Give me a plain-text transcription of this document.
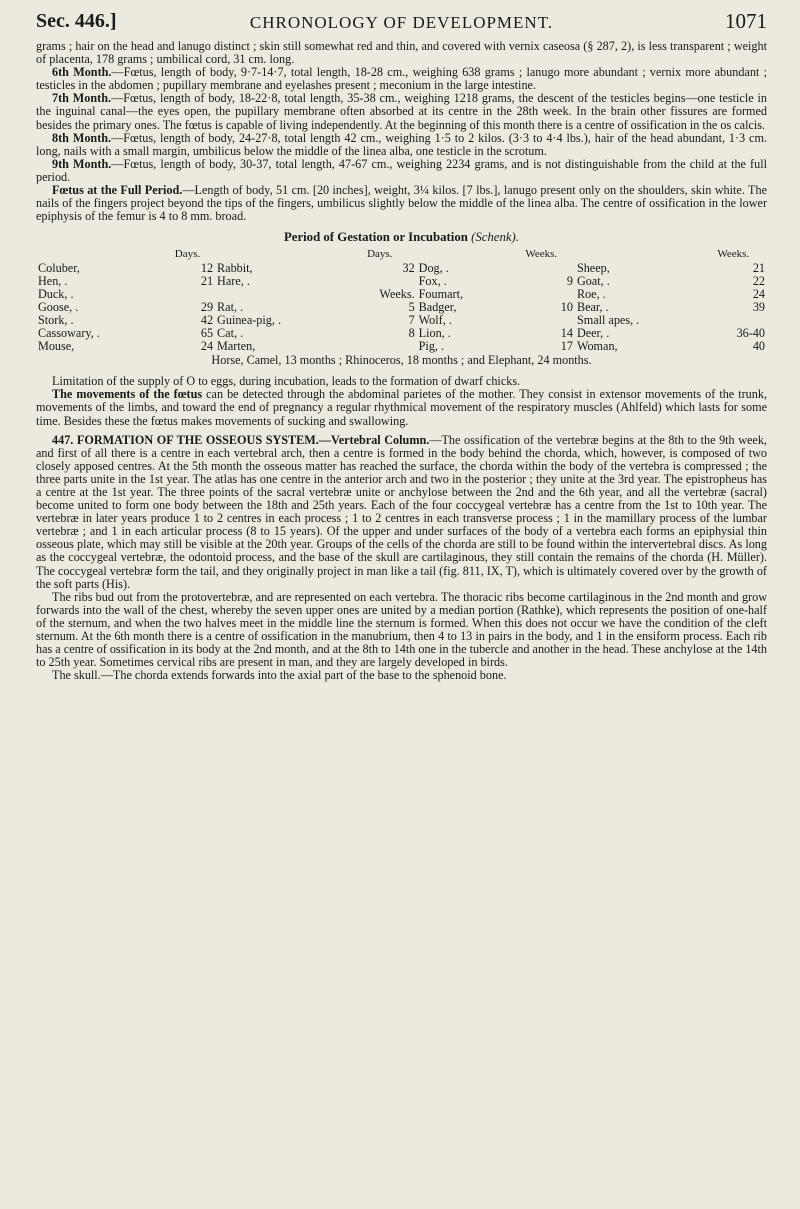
Sec. 446.]	CHRONOLOGY OF DEVELOPMENT.	1071

grams ; hair on the head and lanugo distinct ; skin still somewhat red and thin, and covered with vernix caseosa (§ 287, 2), is less transparent ; weight of placenta, 178 grams ; umbilical cord, 31 cm. long.

6th Month.—Fœtus, length of body, 9·7-14·7, total length, 18-28 cm., weighing 638 grams ; lanugo more abundant ; vernix more abundant ; testicles in the abdomen ; pupillary membrane and eyelashes present ; meconium in the large intestine.

7th Month.—Fœtus, length of body, 18-22·8, total length, 35-38 cm., weighing 1218 grams, the descent of the testicles begins—one testicle in the inguinal canal—the eyes open, the pupillary membrane often absorbed at its centre in the 28th week. In the brain other fissures are formed besides the primary ones. The fœtus is capable of living independently. At the beginning of this month there is a centre of ossification in the os calcis.

8th Month.—Fœtus, length of body, 24-27·8, total length 42 cm., weighing 1·5 to 2 kilos. (3·3 to 4·4 lbs.), hair of the head abundant, 1·3 cm. long, nails with a small margin, umbilicus below the middle of the linea alba, one testicle in the scrotum.

9th Month.—Fœtus, length of body, 30-37, total length, 47-67 cm., weighing 2234 grams, and is not distinguishable from the child at the full period.

Fœtus at the Full Period.—Length of body, 51 cm. [20 inches], weight, 3¼ kilos. [7 lbs.], lanugo present only on the shoulders, skin white. The nails of the fingers project beyond the tips of the fingers, umbilicus slightly below the middle of the linea alba. The centre of ossification in the lower epiphysis of the femur is 4 to 8 mm. broad.

Period of Gestation or Incubation (Schenk).
	Days.		Days.		Weeks.		Weeks.
Coluber,	12	Rabbit,	32	Dog, .		Sheep,	21
Hen, .	21	Hare, .		Fox, .	9	Goat, .	22
Duck, .			Weeks.	Foumart,		Roe, .	24
Goose, .	29	Rat, .	5	Badger,	10	Bear, .	39
Stork, .	42	Guinea-pig, .	7	Wolf, .		Small apes, .	
Cassowary, .	65	Cat, .	8	Lion, .	14	Deer, .	36-40
Mouse,	24	Marten,		Pig, .	17	Woman,	40
Horse, Camel, 13 months ; Rhinoceros, 18 months ; and Elephant, 24 months.

Limitation of the supply of O to eggs, during incubation, leads to the formation of dwarf chicks.

The movements of the fœtus can be detected through the abdominal parietes of the mother. They consist in extensor movements of the trunk, movements of the limbs, and toward the end of pregnancy a regular rhythmical movement of the respiratory muscles (Ahlfeld) which lasts for some time. Besides these the fœtus makes movements of sucking and swallowing.

447. FORMATION OF THE OSSEOUS SYSTEM.—Vertebral Column.—The ossification of the vertebræ begins at the 8th to the 9th week, and first of all there is a centre in each vertebral arch, then a centre is formed in the body behind the chorda, which, however, is composed of two closely apposed centres. At the 5th month the osseous matter has reached the surface, the chorda within the body of the vertebra is compressed ; the three parts unite in the 1st year. The atlas has one centre in the anterior arch and two in the posterior ; they unite at the 3rd year. The epistropheus has a centre at the 1st year. The three points of the sacral vertebræ unite or anchylose between the 2nd and the 6th year, and all the vertebræ (sacral) become united to form one body between the 18th and 25th years. Each of the four coccygeal vertebræ has a centre from the 1st to 10th year. The vertebræ in later years produce 1 to 2 centres in each process ; 1 to 2 centres in each transverse process ; 1 in the mamillary process of the lumbar vertebræ ; and 1 in each articular process (8 to 15 years). Of the upper and under surfaces of the body of a vertebra each forms an epiphysial thin osseous plate, which may still be visible at the 20th year. Groups of the cells of the chorda are still to be found within the intervertebral discs. As long as the coccygeal vertebræ, the odontoid process, and the base of the skull are cartilaginous, they still contain the remains of the chorda (H. Müller). The coccygeal vertebræ form the tail, and they originally project in man like a tail (fig. 811, IX, T), which is ultimately covered over by the growth of the soft parts (His).

The ribs bud out from the protovertebræ, and are represented on each vertebra. The thoracic ribs become cartilaginous in the 2nd month and grow forwards into the wall of the chest, whereby the seven upper ones are united by a median portion (Rathke), which represents the position of one-half of the sternum, and when the two halves meet in the middle line the sternum is formed. When this does not occur we have the condition of the cleft sternum. At the 6th month there is a centre of ossification in the manubrium, then 4 to 13 in pairs in the body, and 1 in the ensiform process. Each rib has a centre of ossification in its body at the 2nd month, and at the 8th to 14th one in the tubercle and another in the head. These anchylose at the 14th to 25th year. Sometimes cervical ribs are present in man, and they are largely developed in birds.

The skull.—The chorda extends forwards into the axial part of the base to the sphenoid bone.
